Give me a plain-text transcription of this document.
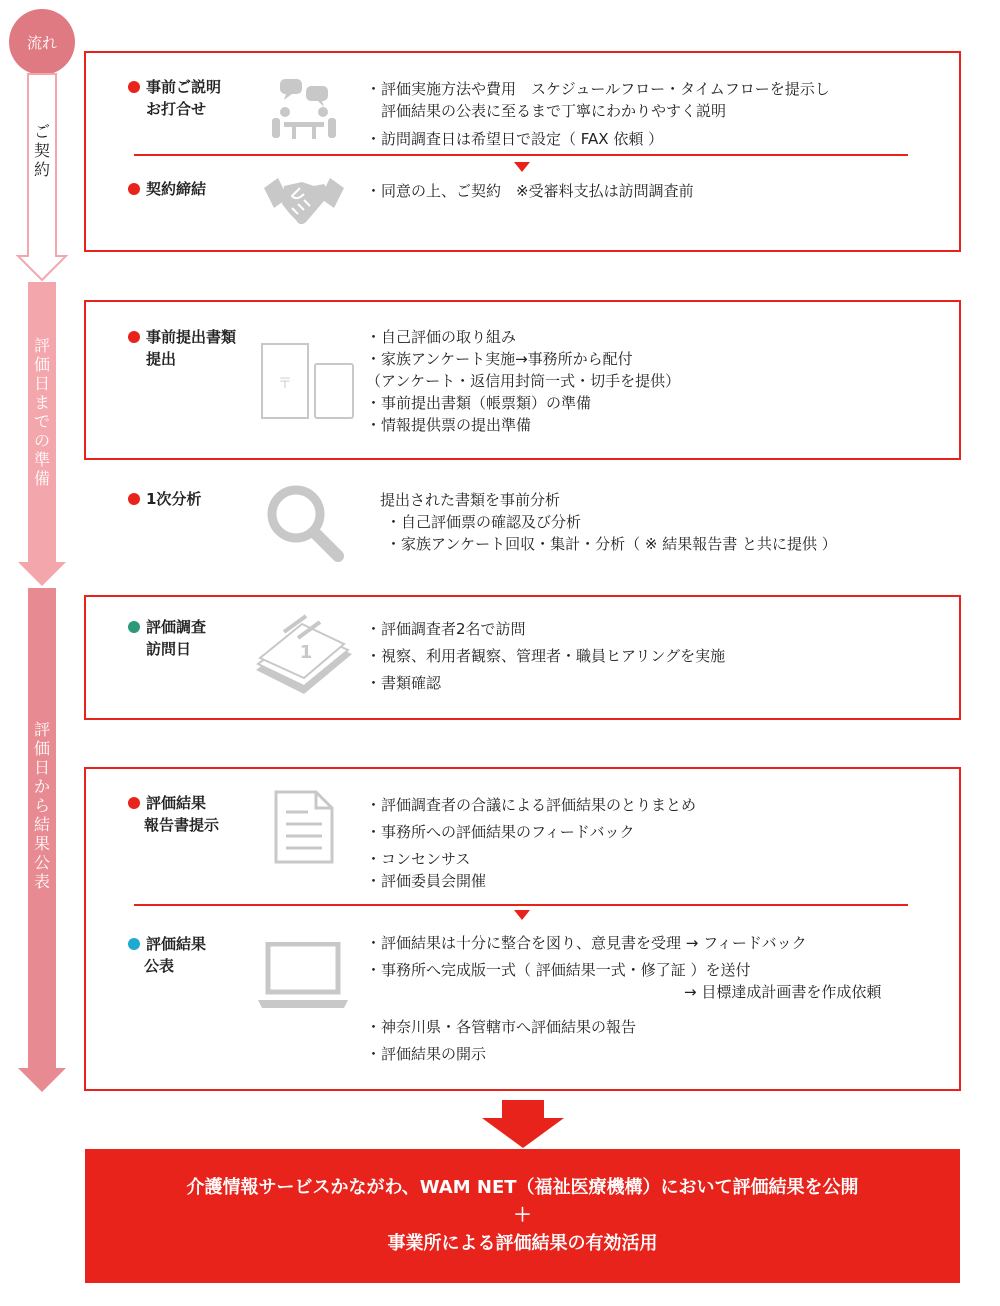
流れ
ご契約
評価日までの準備
評価日から結果公表
事前ご説明
お打合せ
・評価実施方法や費用　スケジュールフロー・タイムフローを提示し
　評価結果の公表に至るまで丁寧にわかりやすく説明
・訪問調査日は希望日で設定（ FAX 依頼 ）
契約締結	・同意の上、ご契約　※受審料支払は訪問調査前
事前提出書類
提出
〒
・自己評価の取り組み
・家族アンケート実施→事務所から配付
（アンケート・返信用封筒一式・切手を提供）
・事前提出書類（帳票類）の準備
・情報提供票の提出準備
1次分析	提出された書類を事前分析
・自己評価票の確認及び分析
・家族アンケート回収・集計・分析（ ※ 結果報告書 と共に提供 ）
評価調査
訪問日	1
・評価調査者2名で訪問
・視察、利用者観察、管理者・職員ヒアリングを実施
・書類確認
評価結果
報告書提示
・評価調査者の合議による評価結果のとりまとめ
・事務所への評価結果のフィードバック
・コンセンサス
・評価委員会開催
評価結果
公表
・評価結果は十分に整合を図り、意見書を受理 → フィードバック
・事務所へ完成版一式（ 評価結果一式・修了証 ）を送付
→ 目標達成計画書を作成依頼
・神奈川県・各管轄市へ評価結果の報告
・評価結果の開示
介護情報サービスかながわ、WAM NET（福祉医療機構）において評価結果を公開
＋
事業所による評価結果の有効活用
